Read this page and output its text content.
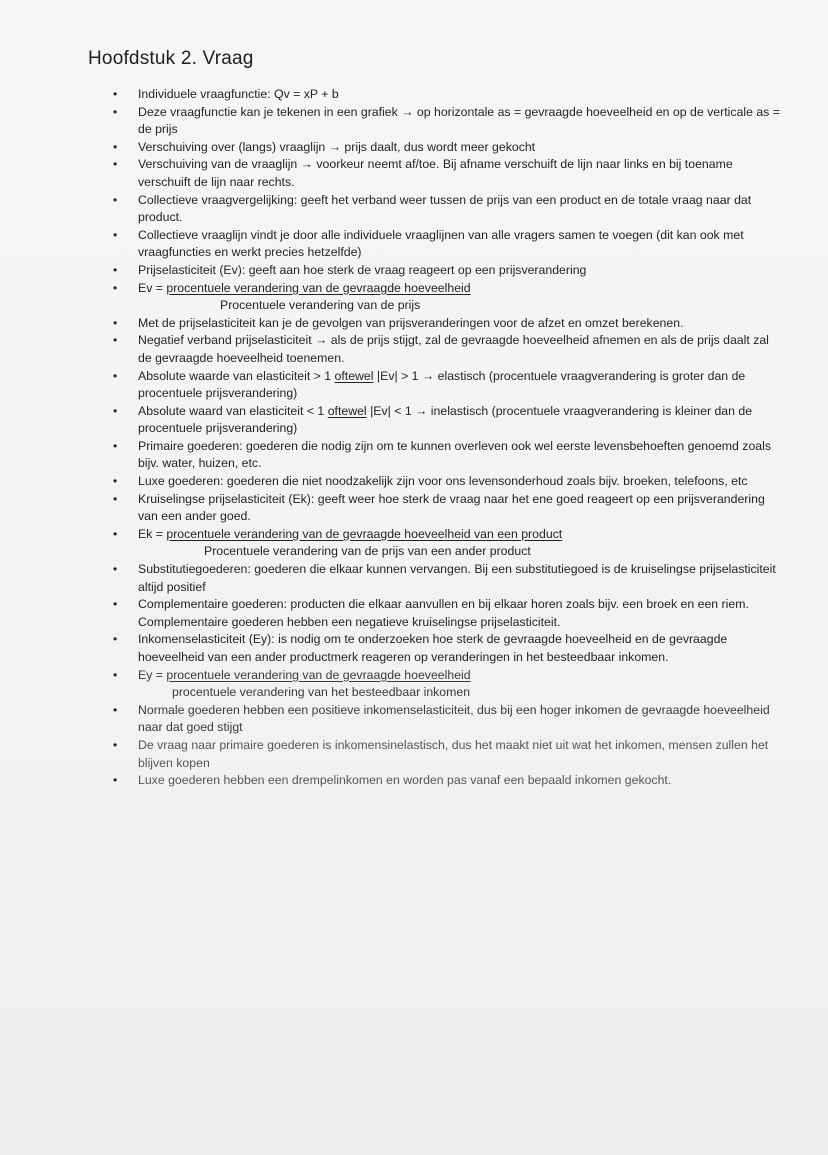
Hoofdstuk 2. Vraag
• Individuele vraagfunctie: Qv = xP + b
• Deze vraagfunctie kan je tekenen in een grafiek → op horizontale as = gevraagde hoeveelheid en op de verticale as = de prijs
• Verschuiving over (langs) vraaglijn → prijs daalt, dus wordt meer gekocht
• Verschuiving van de vraaglijn → voorkeur neemt af/toe. Bij afname verschuift de lijn naar links en bij toename verschuift de lijn naar rechts.
• Collectieve vraagvergelijking: geeft het verband weer tussen de prijs van een product en de totale vraag naar dat product.
• Collectieve vraaglijn vindt je door alle individuele vraaglijnen van alle vragers samen te voegen (dit kan ook met vraagfuncties en werkt precies hetzelfde)
• Prijselasticiteit (Ev): geeft aan hoe sterk de vraag reageert op een prijsverandering
• Ev = procentuele verandering van de gevraagde hoeveelheid
Procentuele verandering van de prijs
• Met de prijselasticiteit kan je de gevolgen van prijsveranderingen voor de afzet en omzet berekenen.
• Negatief verband prijselasticiteit → als de prijs stijgt, zal de gevraagde hoeveelheid afnemen en als de prijs daalt zal de gevraagde hoeveelheid toenemen.
• Absolute waarde van elasticiteit > 1 oftewel |Ev| > 1 → elastisch (procentuele vraagverandering is groter dan de procentuele prijsverandering)
• Absolute waard van elasticiteit < 1 oftewel |Ev| < 1 → inelastisch (procentuele vraagverandering is kleiner dan de procentuele prijsverandering)
• Primaire goederen: goederen die nodig zijn om te kunnen overleven ook wel eerste levensbehoeften genoemd zoals bijv. water, huizen, etc.
• Luxe goederen: goederen die niet noodzakelijk zijn voor ons levensonderhoud zoals bijv. broeken, telefoons, etc
• Kruiselingse prijselasticiteit (Ek): geeft weer hoe sterk de vraag naar het ene goed reageert op een prijsverandering van een ander goed.
• Ek = procentuele verandering van de gevraagde hoeveelheid van een product
Procentuele verandering van de prijs van een ander product
• Substitutiegoederen: goederen die elkaar kunnen vervangen. Bij een substitutiegoed is de kruiselingse prijselasticiteit altijd positief
• Complementaire goederen: producten die elkaar aanvullen en bij elkaar horen zoals bijv. een broek en een riem. Complementaire goederen hebben een negatieve kruiselingse prijselasticiteit.
• Inkomenselasticiteit (Ey): is nodig om te onderzoeken hoe sterk de gevraagde hoeveelheid en de gevraagde hoeveelheid van een ander productmerk reageren op veranderingen in het besteedbaar inkomen.
• Ey = procentuele verandering van de gevraagde hoeveelheid
procentuele verandering van het besteedbaar inkomen
• Normale goederen hebben een positieve inkomenselasticiteit, dus bij een hoger inkomen de gevraagde hoeveelheid naar dat goed stijgt
• De vraag naar primaire goederen is inkomensinelastisch, dus het maakt niet uit wat het inkomen, mensen zullen het blijven kopen
• Luxe goederen hebben een drempelinkomen en worden pas vanaf een bepaald inkomen gekocht.
